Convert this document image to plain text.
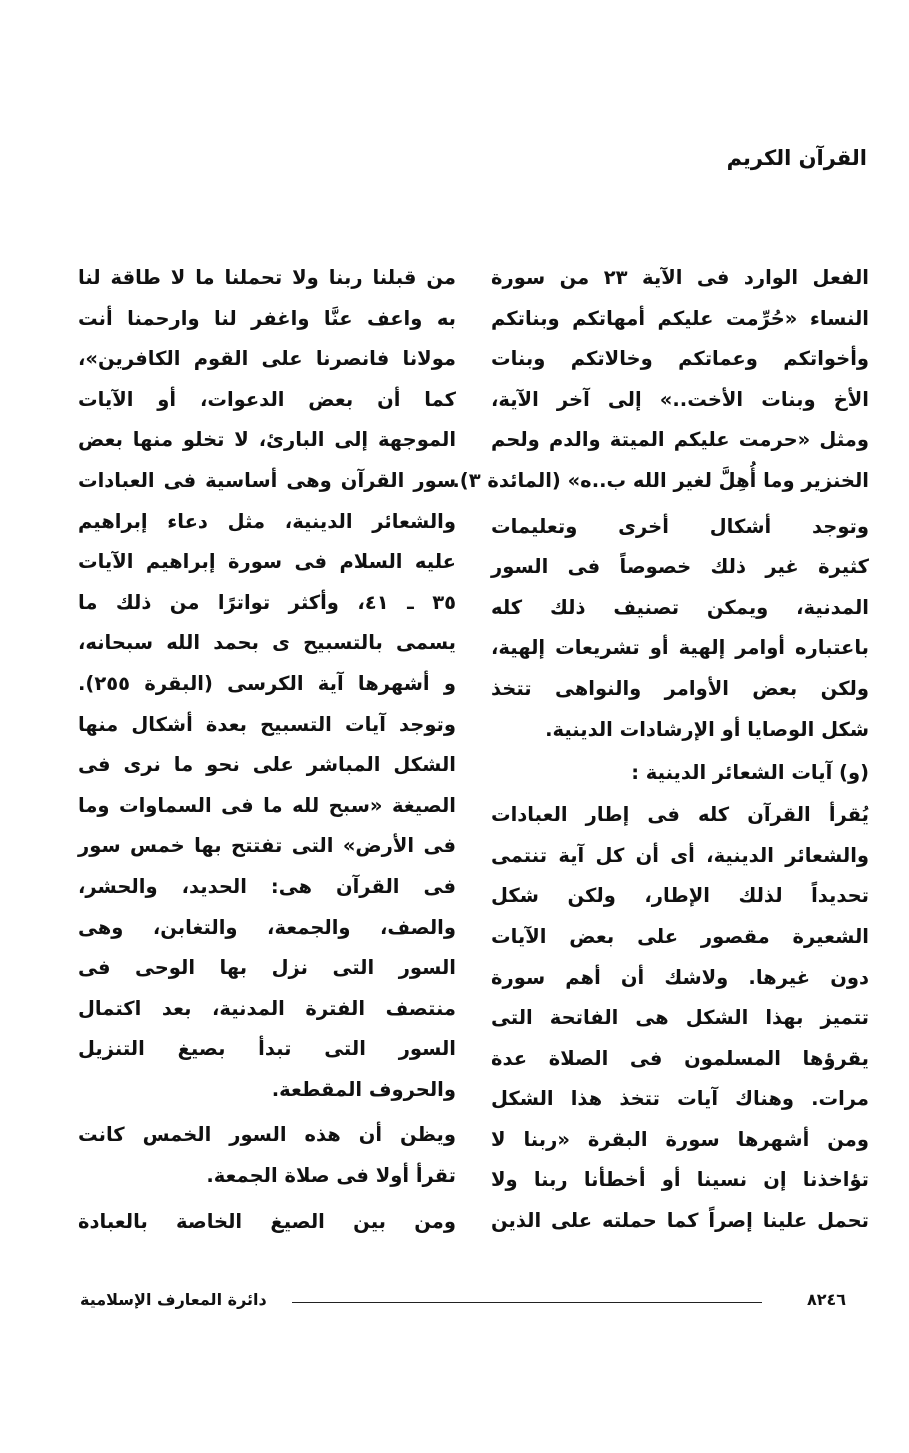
القرآن الكريم
الفعل الوارد فى الآية ٢٣ من سورة
النساء «حُرِّمت عليكم أمهاتكم وبناتكم
وأخواتكم وعماتكم وخالاتكم وبنات
الأخ وبنات الأخت..» إلى آخر الآية،
ومثل «حرمت عليكم الميتة والدم ولحم
الخنزير وما أُهِلَّ لغير الله ب..ه» (المائدة ٣).
وتوجد أشكال أخرى وتعليمات
كثيرة غير ذلك خصوصاً فى السور
المدنية، ويمكن تصنيف ذلك كله
باعتباره أوامر إلهية أو تشريعات إلهية،
ولكن بعض الأوامر والنواهى تتخذ
شكل الوصايا أو الإرشادات الدينية.
(و) آيات الشعائر الدينية :
يُقرأ القرآن كله فى إطار العبادات
والشعائر الدينية، أى أن كل آية تنتمى
تحديداً لذلك الإطار، ولكن شكل
الشعيرة مقصور على بعض الآيات
دون غيرها. ولاشك أن أهم سورة
تتميز بهذا الشكل هى الفاتحة التى
يقرؤها المسلمون فى الصلاة عدة
مرات. وهناك آيات تتخذ هذا الشكل
ومن أشهرها سورة البقرة «ربنا لا
تؤاخذنا إن نسينا أو أخطأنا ربنا ولا
تحمل علينا إصراً كما حملته على الذين
من قبلنا ربنا ولا تحملنا ما لا طاقة لنا
به واعف عنَّا واغفر لنا وارحمنا أنت
مولانا فانصرنا على القوم الكافرين»،
كما أن بعض الدعوات، أو الآيات
الموجهة إلى البارئ، لا تخلو منها بعض
سور القرآن وهى أساسية فى العبادات
والشعائر الدينية، مثل دعاء إبراهيم
عليه السلام فى سورة إبراهيم الآيات
٣٥ ـ ٤١، وأكثر تواترًا من ذلك ما
يسمى بالتسبيح ى بحمد الله سبحانه،
و أشهرها آية الكرسى (البقرة ٢٥٥).
وتوجد آيات التسبيح بعدة أشكال منها
الشكل المباشر على نحو ما نرى فى
الصيغة «سبح لله ما فى السماوات وما
فى الأرض» التى تفتتح بها خمس سور
فى القرآن هى: الحديد، والحشر،
والصف، والجمعة، والتغابن، وهى
السور التى نزل بها الوحى فى
منتصف الفترة المدنية، بعد اكتمال
السور التى تبدأ بصيغ التنزيل
والحروف المقطعة.
ويظن أن هذه السور الخمس كانت
تقرأ أولا فى صلاة الجمعة.
ومن بين الصيغ الخاصة بالعبادة
دائرة المعارف الإسلامية	٨٢٤٦
